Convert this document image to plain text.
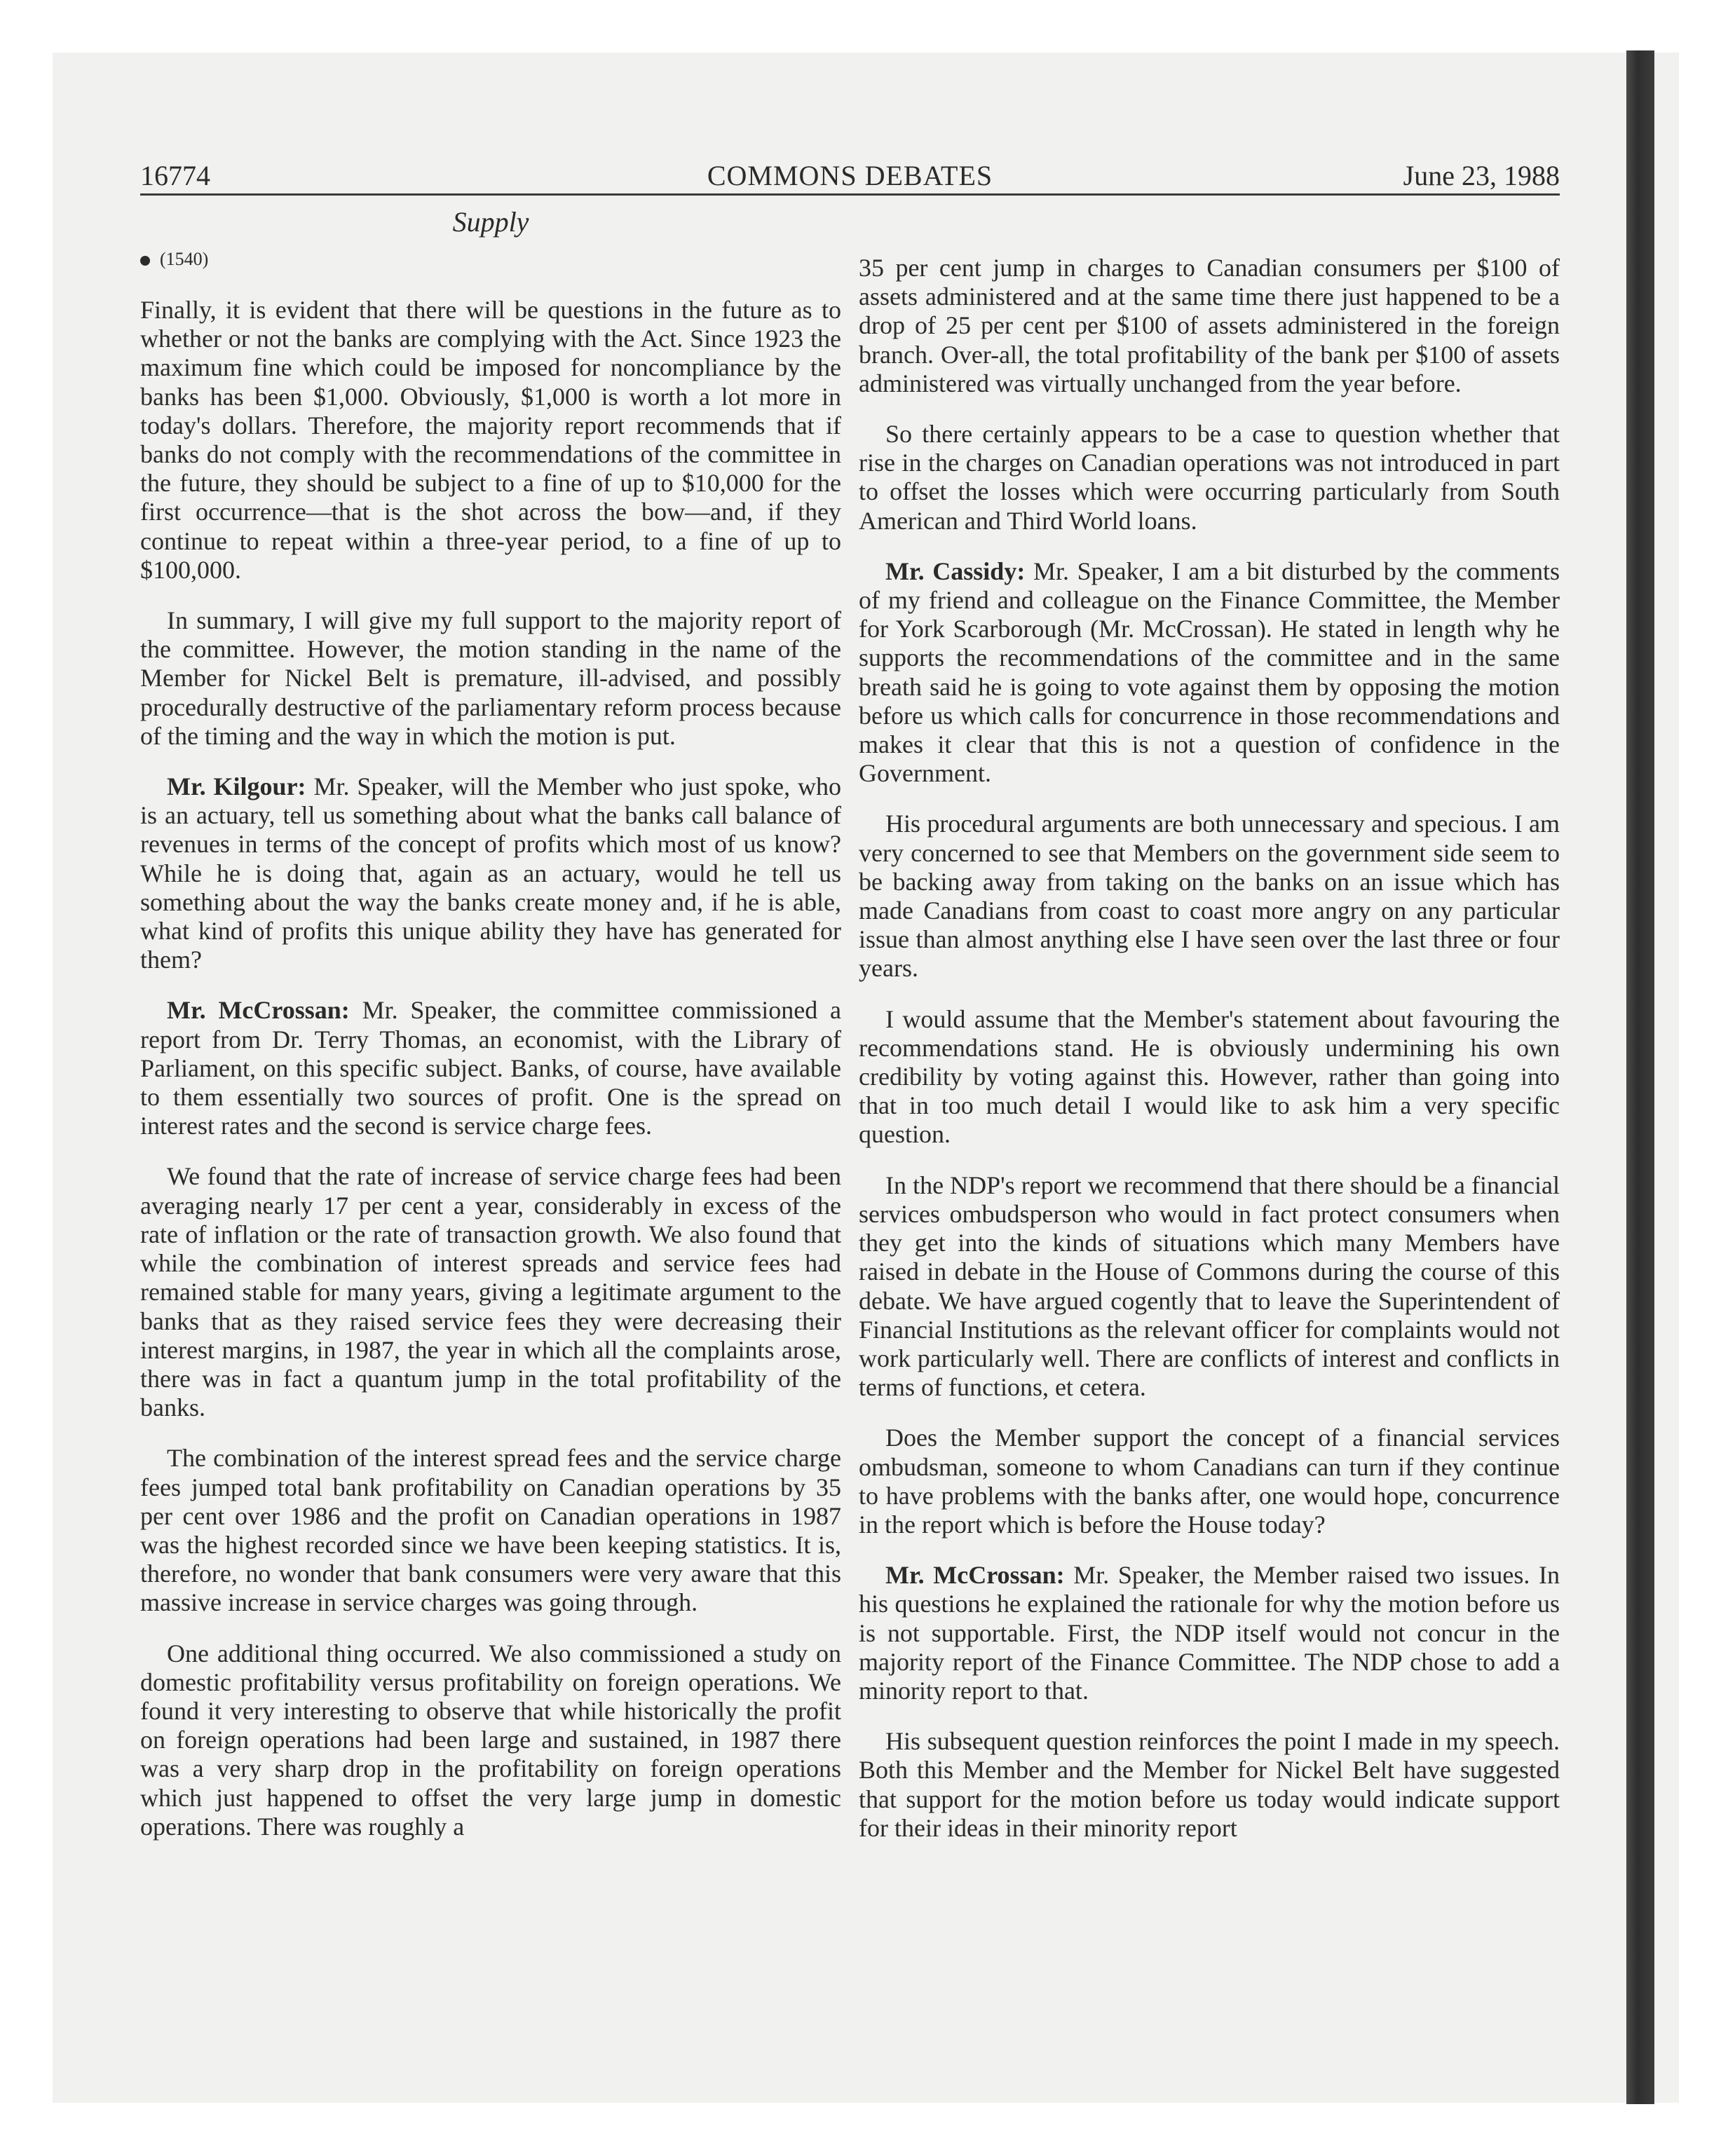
16774	COMMONS DEBATES	June 23, 1988
Supply
(1540)

Finally, it is evident that there will be questions in the future as to whether or not the banks are complying with the Act. Since 1923 the maximum fine which could be imposed for noncompliance by the banks has been $1,000. Obviously, $1,000 is worth a lot more in today's dollars. Therefore, the majority report recommends that if banks do not comply with the recommendations of the committee in the future, they should be subject to a fine of up to $10,000 for the first occurrence—that is the shot across the bow—and, if they continue to repeat within a three-year period, to a fine of up to $100,000.

In summary, I will give my full support to the majority report of the committee. However, the motion standing in the name of the Member for Nickel Belt is premature, ill-advised, and possibly procedurally destructive of the parliamentary reform process because of the timing and the way in which the motion is put.

Mr. Kilgour: Mr. Speaker, will the Member who just spoke, who is an actuary, tell us something about what the banks call balance of revenues in terms of the concept of profits which most of us know? While he is doing that, again as an actuary, would he tell us something about the way the banks create money and, if he is able, what kind of profits this unique ability they have has generated for them?

Mr. McCrossan: Mr. Speaker, the committee commissioned a report from Dr. Terry Thomas, an economist, with the Library of Parliament, on this specific subject. Banks, of course, have available to them essentially two sources of profit. One is the spread on interest rates and the second is service charge fees.

We found that the rate of increase of service charge fees had been averaging nearly 17 per cent a year, considerably in excess of the rate of inflation or the rate of transaction growth. We also found that while the combination of interest spreads and service fees had remained stable for many years, giving a legitimate argument to the banks that as they raised service fees they were decreasing their interest margins, in 1987, the year in which all the complaints arose, there was in fact a quantum jump in the total profitability of the banks.

The combination of the interest spread fees and the service charge fees jumped total bank profitability on Canadian operations by 35 per cent over 1986 and the profit on Canadian operations in 1987 was the highest recorded since we have been keeping statistics. It is, therefore, no wonder that bank consumers were very aware that this massive increase in service charges was going through.

One additional thing occurred. We also commissioned a study on domestic profitability versus profitability on foreign operations. We found it very interesting to observe that while historically the profit on foreign operations had been large and sustained, in 1987 there was a very sharp drop in the profitability on foreign operations which just happened to offset the very large jump in domestic operations. There was roughly a

35 per cent jump in charges to Canadian consumers per $100 of assets administered and at the same time there just happened to be a drop of 25 per cent per $100 of assets administered in the foreign branch. Over-all, the total profitability of the bank per $100 of assets administered was virtually unchanged from the year before.

So there certainly appears to be a case to question whether that rise in the charges on Canadian operations was not introduced in part to offset the losses which were occurring particularly from South American and Third World loans.

Mr. Cassidy: Mr. Speaker, I am a bit disturbed by the comments of my friend and colleague on the Finance Committee, the Member for York Scarborough (Mr. McCrossan). He stated in length why he supports the recommendations of the committee and in the same breath said he is going to vote against them by opposing the motion before us which calls for concurrence in those recommendations and makes it clear that this is not a question of confidence in the Government.

His procedural arguments are both unnecessary and specious. I am very concerned to see that Members on the government side seem to be backing away from taking on the banks on an issue which has made Canadians from coast to coast more angry on any particular issue than almost anything else I have seen over the last three or four years.

I would assume that the Member's statement about favouring the recommendations stand. He is obviously undermining his own credibility by voting against this. However, rather than going into that in too much detail I would like to ask him a very specific question.

In the NDP's report we recommend that there should be a financial services ombudsperson who would in fact protect consumers when they get into the kinds of situations which many Members have raised in debate in the House of Commons during the course of this debate. We have argued cogently that to leave the Superintendent of Financial Institutions as the relevant officer for complaints would not work particularly well. There are conflicts of interest and conflicts in terms of functions, et cetera.

Does the Member support the concept of a financial services ombudsman, someone to whom Canadians can turn if they continue to have problems with the banks after, one would hope, concurrence in the report which is before the House today?

Mr. McCrossan: Mr. Speaker, the Member raised two issues. In his questions he explained the rationale for why the motion before us is not supportable. First, the NDP itself would not concur in the majority report of the Finance Committee. The NDP chose to add a minority report to that.

His subsequent question reinforces the point I made in my speech. Both this Member and the Member for Nickel Belt have suggested that support for the motion before us today would indicate support for their ideas in their minority report
